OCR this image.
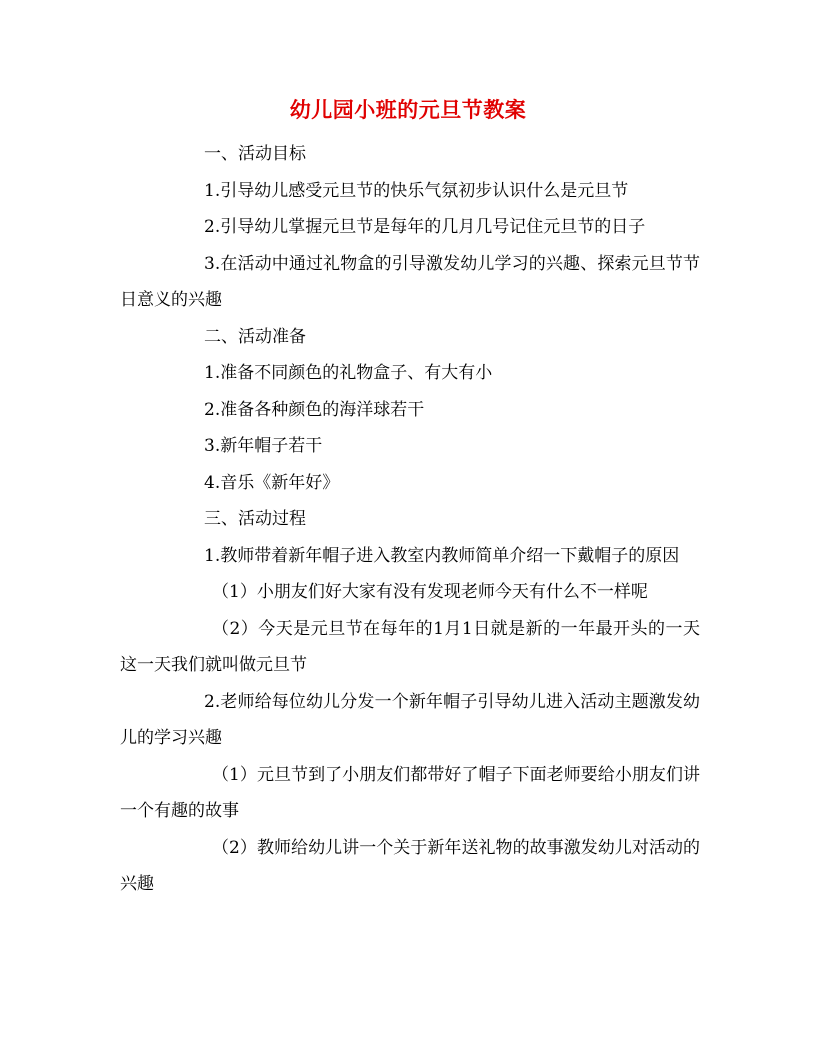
幼儿园小班的元旦节教案

一、活动目标

1.引导幼儿感受元旦节的快乐气氛初步认识什么是元旦节

2.引导幼儿掌握元旦节是每年的几月几号记住元旦节的日子

3.在活动中通过礼物盒的引导激发幼儿学习的兴趣、探索元旦节节日意义的兴趣

二、活动准备

1.准备不同颜色的礼物盒子、有大有小

2.准备各种颜色的海洋球若干

3.新年帽子若干

4.音乐《新年好》

三、活动过程

1.教师带着新年帽子进入教室内教师简单介绍一下戴帽子的原因

（1）小朋友们好大家有没有发现老师今天有什么不一样呢

（2）今天是元旦节在每年的1月1日就是新的一年最开头的一天这一天我们就叫做元旦节

2.老师给每位幼儿分发一个新年帽子引导幼儿进入活动主题激发幼儿的学习兴趣

（1）元旦节到了小朋友们都带好了帽子下面老师要给小朋友们讲一个有趣的故事

（2）教师给幼儿讲一个关于新年送礼物的故事激发幼儿对活动的兴趣
